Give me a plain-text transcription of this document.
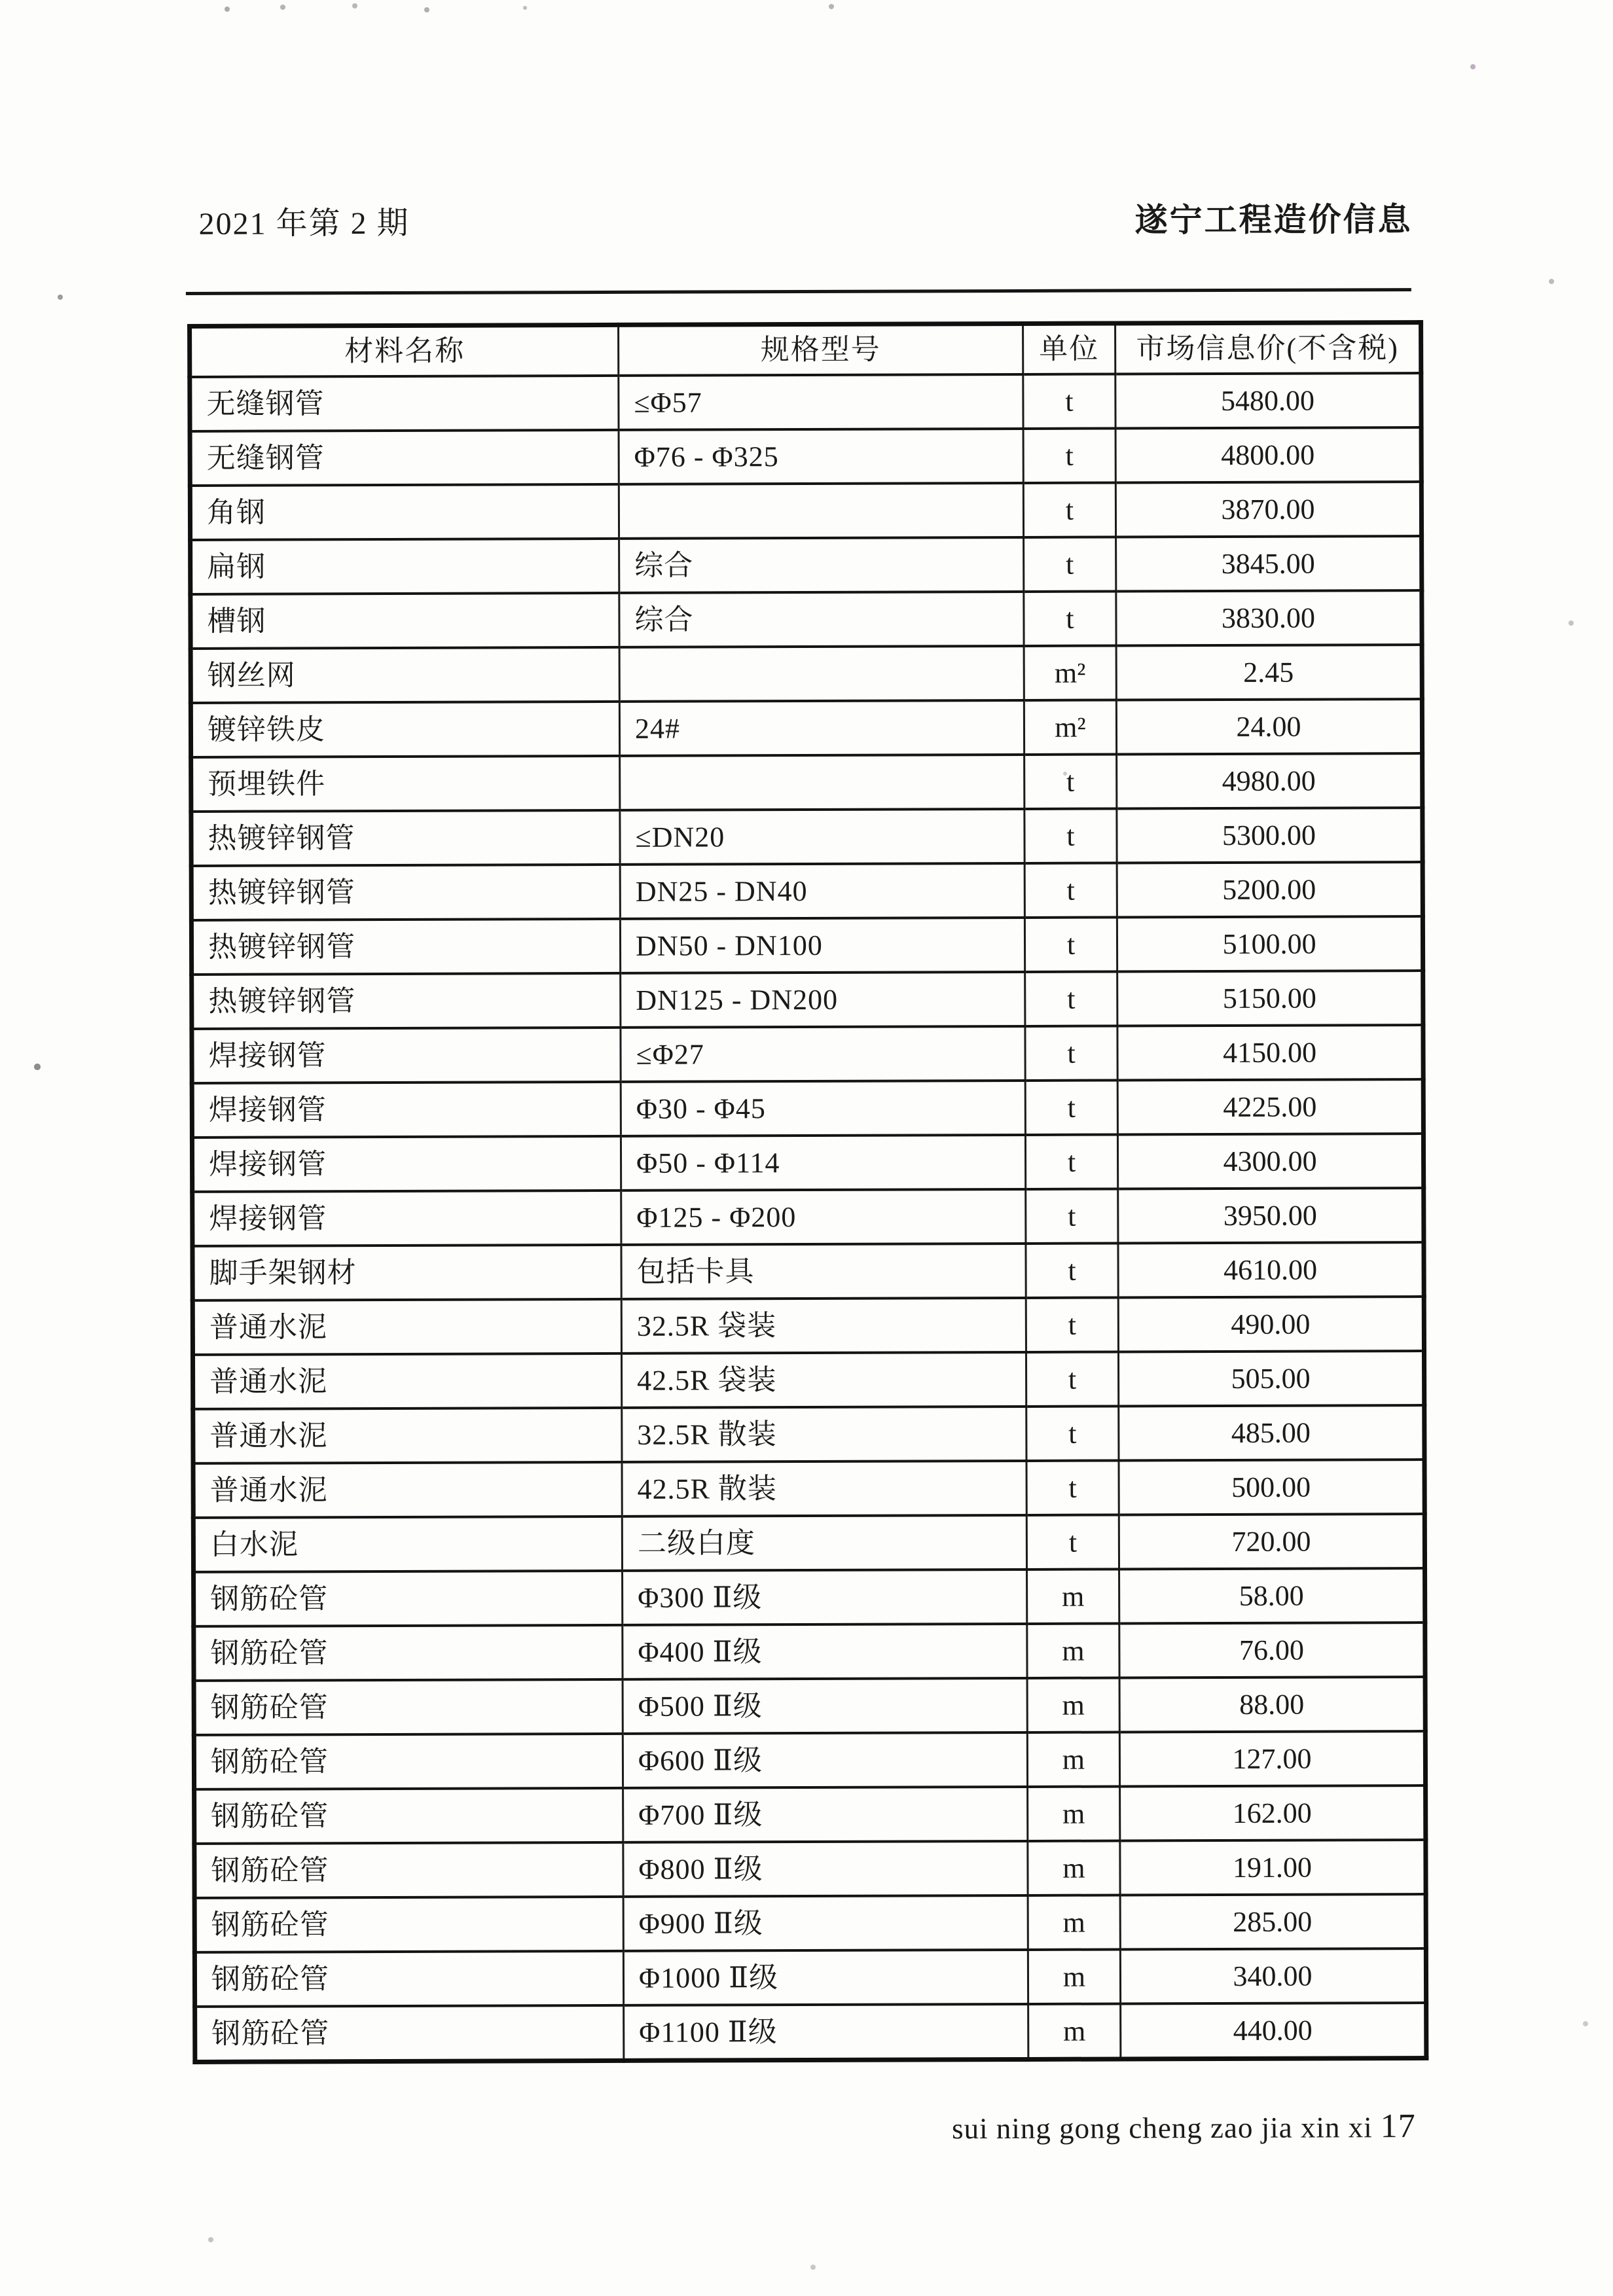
2021 年第 2 期	遂宁工程造价信息
材料名称	规格型号	单位	市场信息价(不含税)
无缝钢管	≤Φ57	t	5480.00
无缝钢管	Φ76 - Φ325	t	4800.00
角钢		t	3870.00
扁钢	综合	t	3845.00
槽钢	综合	t	3830.00
钢丝网		m²	2.45
镀锌铁皮	24#	m²	24.00
预埋铁件		t	4980.00
热镀锌钢管	≤DN20	t	5300.00
热镀锌钢管	DN25 - DN40	t	5200.00
热镀锌钢管	DN50 - DN100	t	5100.00
热镀锌钢管	DN125 - DN200	t	5150.00
焊接钢管	≤Φ27	t	4150.00
焊接钢管	Φ30 - Φ45	t	4225.00
焊接钢管	Φ50 - Φ114	t	4300.00
焊接钢管	Φ125 - Φ200	t	3950.00
脚手架钢材	包括卡具	t	4610.00
普通水泥	32.5R 袋装	t	490.00
普通水泥	42.5R 袋装	t	505.00
普通水泥	32.5R 散装	t	485.00
普通水泥	42.5R 散装	t	500.00
白水泥	二级白度	t	720.00
钢筋砼管	Φ300 Ⅱ级	m	58.00
钢筋砼管	Φ400 Ⅱ级	m	76.00
钢筋砼管	Φ500 Ⅱ级	m	88.00
钢筋砼管	Φ600 Ⅱ级	m	127.00
钢筋砼管	Φ700 Ⅱ级	m	162.00
钢筋砼管	Φ800 Ⅱ级	m	191.00
钢筋砼管	Φ900 Ⅱ级	m	285.00
钢筋砼管	Φ1000 Ⅱ级	m	340.00
钢筋砼管	Φ1100 Ⅱ级	m	440.00
sui ning gong cheng zao jia xin xi 17
